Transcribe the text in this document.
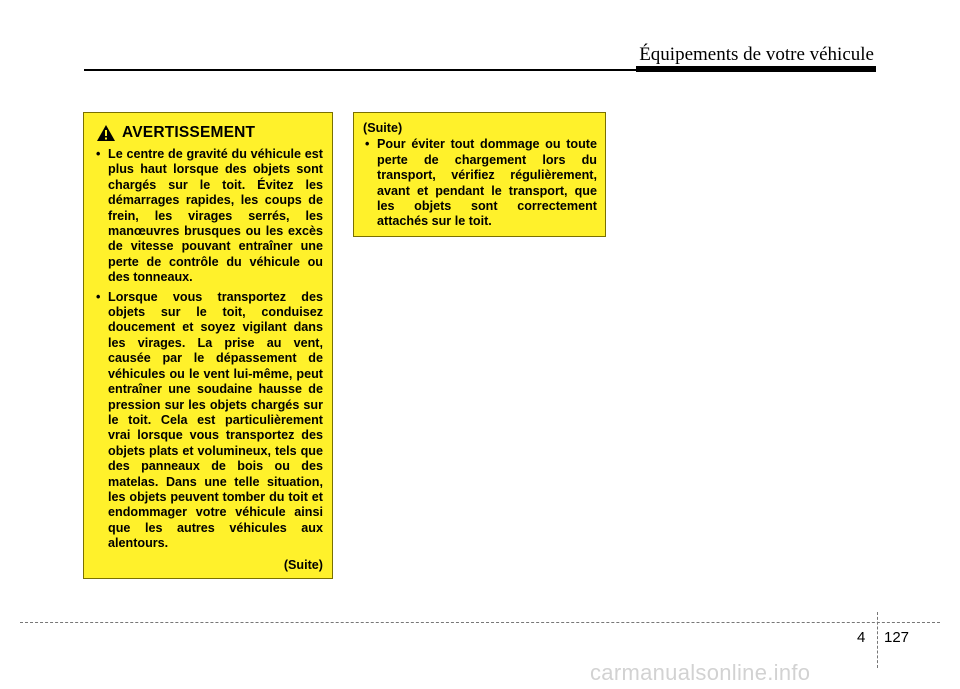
Équipements de votre véhicule
AVERTISSEMENT
• Le centre de gravité du véhicule est plus haut lorsque des objets sont chargés sur le toit. Évitez les démarrages rapides, les coups de frein, les virages serrés, les manœuvres brusques ou les excès de vitesse pouvant entraîner une perte de contrôle du véhicule ou des tonneaux.
• Lorsque vous transportez des objets sur le toit, conduisez doucement et soyez vigilant dans les virages. La prise au vent, causée par le dépassement de véhicules ou le vent lui-même, peut entraîner une soudaine hausse de pression sur les objets chargés sur le toit. Cela est particulièrement vrai lorsque vous transportez des objets plats et volumineux, tels que des panneaux de bois ou des matelas. Dans une telle situation, les objets peuvent tomber du toit et endommager votre véhicule ainsi que les autres véhicules aux alentours.
(Suite)
(Suite)
• Pour éviter tout dommage ou toute perte de chargement lors du transport, vérifiez régulièrement, avant et pendant le transport, que les objets sont correctement attachés sur le toit.
4 127
carmanualsonline.info
